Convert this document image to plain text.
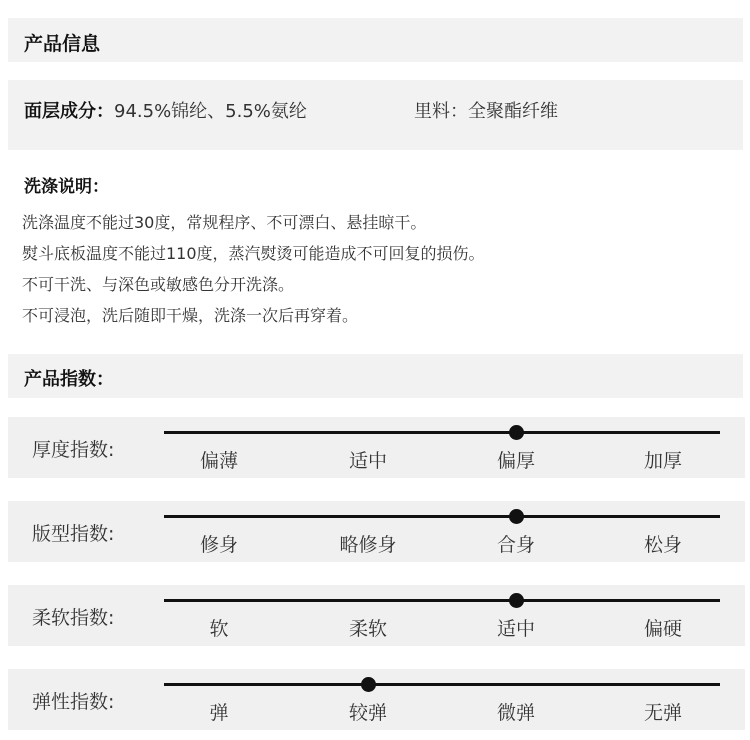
产品信息
面层成分：94.5%锦纶、5.5%氨纶	里料：全聚酯纤维
洗涤说明：
洗涤温度不能过30度，常规程序、不可漂白、悬挂晾干。
熨斗底板温度不能过110度，蒸汽熨烫可能造成不可回复的损伤。
不可干洗、与深色或敏感色分开洗涤。
不可浸泡，洗后随即干燥，洗涤一次后再穿着。
产品指数：
厚度指数:	偏薄	适中	偏厚	加厚
版型指数:	修身	略修身	合身	松身
柔软指数:	软	柔软	适中	偏硬
弹性指数:	弹	较弹	微弹	无弹
